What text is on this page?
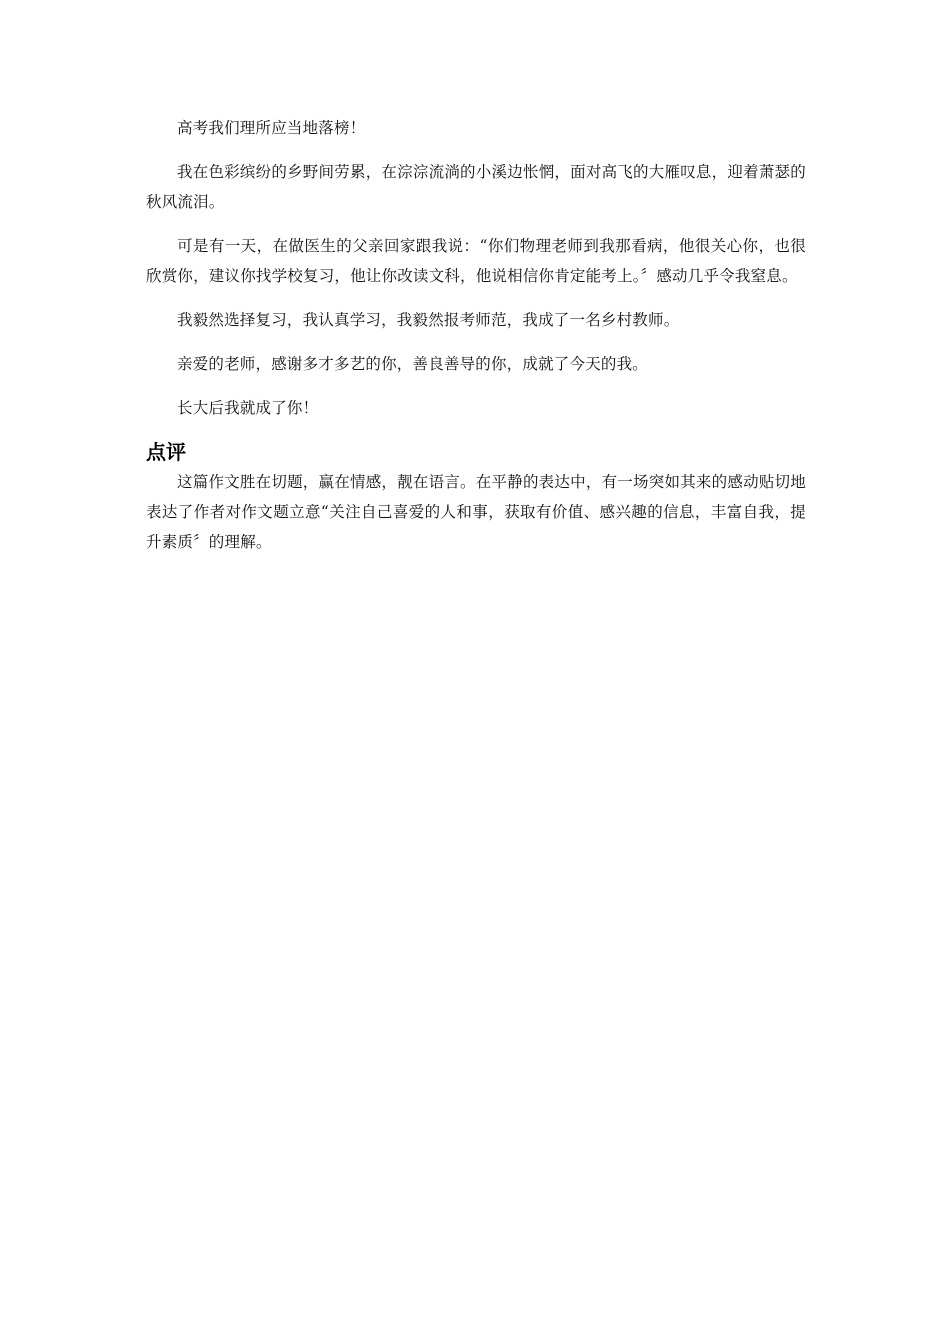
高考我们理所应当地落榜！

我在色彩缤纷的乡野间劳累，在淙淙流淌的小溪边怅惘，面对高飞的大雁叹息，迎着萧瑟的秋风流泪。

可是有一天，在做医生的父亲回家跟我说：“你们物理老师到我那看病，他很关心你，也很欣赏你，建议你找学校复习，他让你改读文科，他说相信你肯定能考上。〞感动几乎令我窒息。

我毅然选择复习，我认真学习，我毅然报考师范，我成了一名乡村教师。

亲爱的老师，感谢多才多艺的你，善良善导的你，成就了今天的我。

长大后我就成了你！

点评

这篇作文胜在切题，赢在情感，靓在语言。在平静的表达中，有一场突如其来的感动贴切地表达了作者对作文题立意“关注自己喜爱的人和事，获取有价值、感兴趣的信息，丰富自我，提升素质〞的理解。
